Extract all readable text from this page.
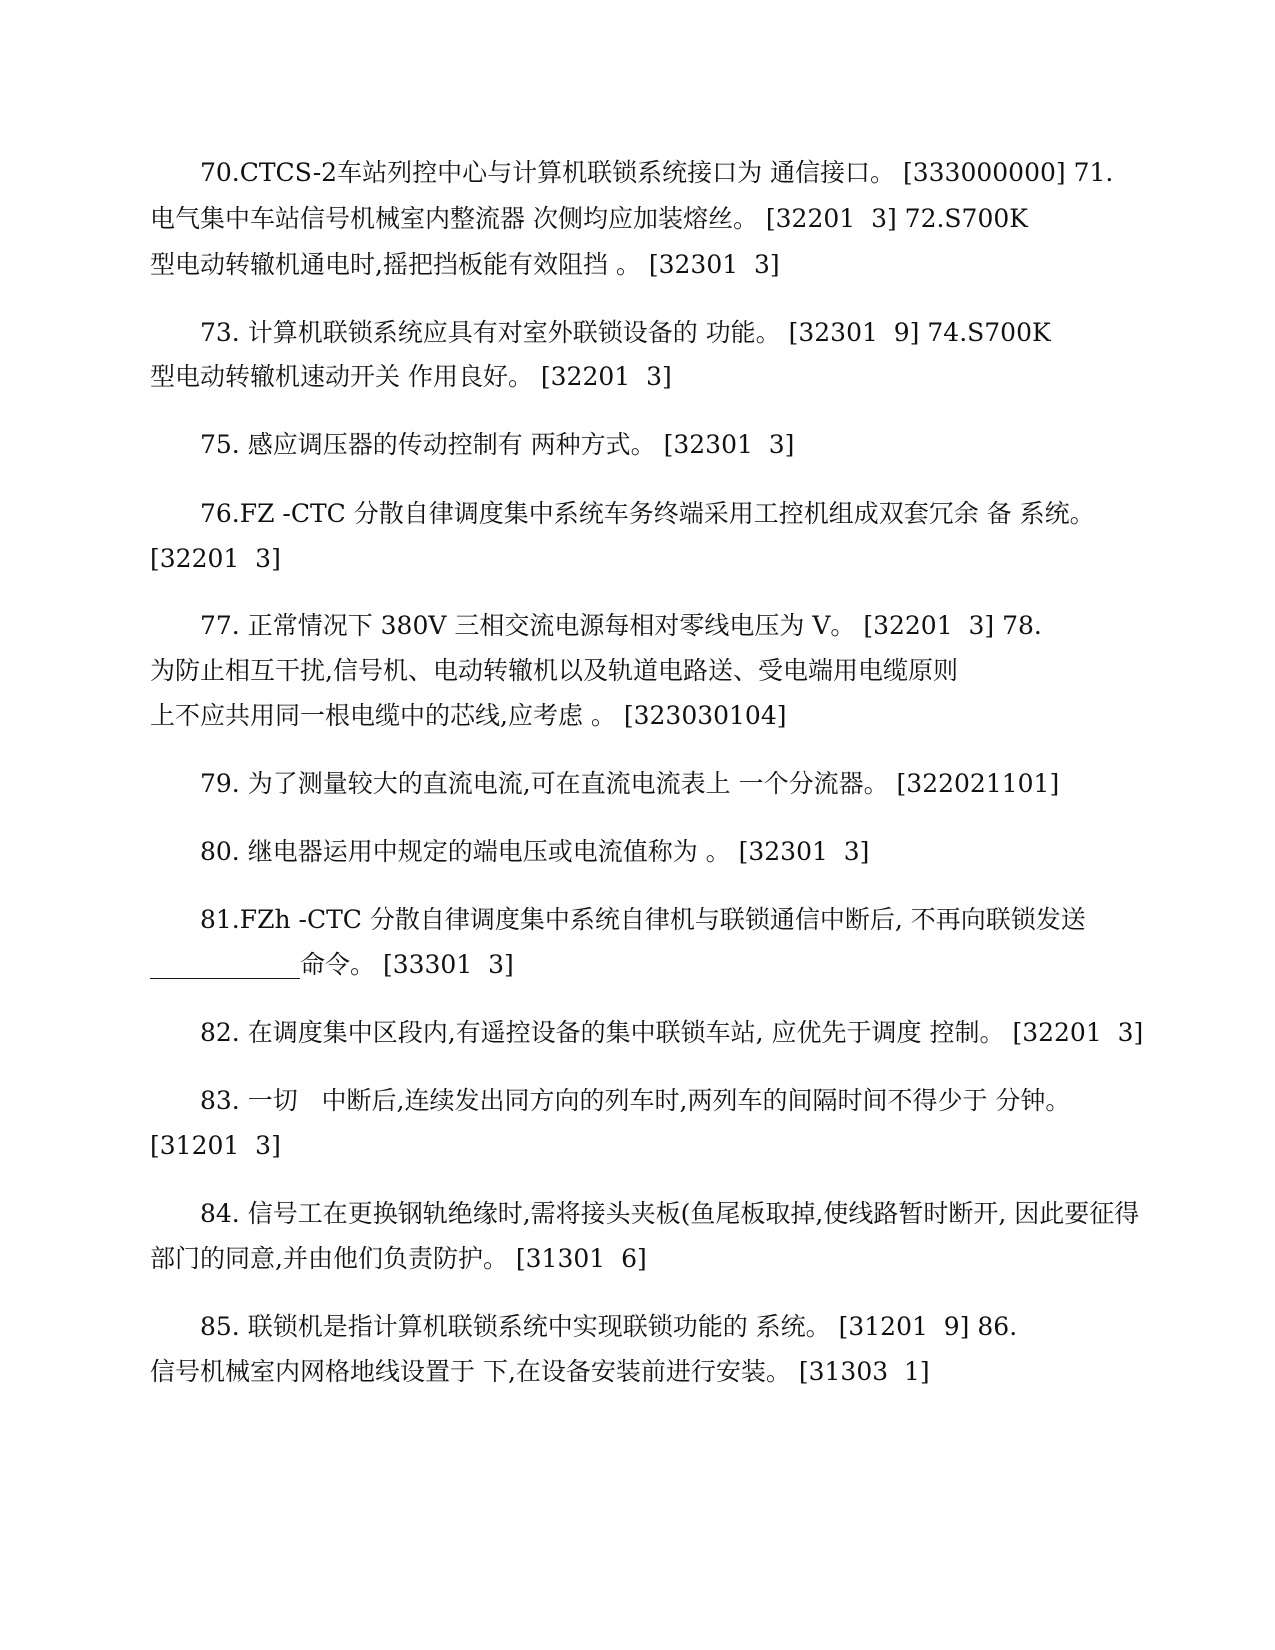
70.CTCS-2车站列控中心与计算机联锁系统接口为 通信接口。 [333000000] 71.
电气集中车站信号机械室内整流器 次侧均应加装熔丝。 [32201  3] 72.S700K
型电动转辙机通电时,摇把挡板能有效阻挡 。 [32301  3]
73. 计算机联锁系统应具有对室外联锁设备的 功能。 [32301  9] 74.S700K
型电动转辙机速动开关 作用良好。 [32201  3]
75. 感应调压器的传动控制有 两种方式。 [32301  3]
76.FZ -CTC 分散自律调度集中系统车务终端采用工控机组成双套冗余 备 系统。
[32201  3]
77. 正常情况下 380V 三相交流电源每相对零线电压为 V。 [32201  3] 78.
为防止相互干扰,信号机、电动转辙机以及轨道电路送、受电端用电缆原则
上不应共用同一根电缆中的芯线,应考虑 。 [323030104]
79. 为了测量较大的直流电流,可在直流电流表上 一个分流器。 [322021101]
80. 继电器运用中规定的端电压或电流值称为 。 [32301  3]
81.FZh -CTC 分散自律调度集中系统自律机与联锁通信中断后, 不再向联锁发送
____________命令。 [33301  3]
82. 在调度集中区段内,有遥控设备的集中联锁车站, 应优先于调度 控制。 [32201  3]
83. 一切   中断后,连续发出同方向的列车时,两列车的间隔时间不得少于 分钟。
[31201  3]
84. 信号工在更换钢轨绝缘时,需将接头夹板(鱼尾板取掉,使线路暂时断开, 因此要征得
部门的同意,并由他们负责防护。 [31301  6]
85. 联锁机是指计算机联锁系统中实现联锁功能的 系统。 [31201  9] 86.
信号机械室内网格地线设置于 下,在设备安装前进行安装。 [31303  1]
